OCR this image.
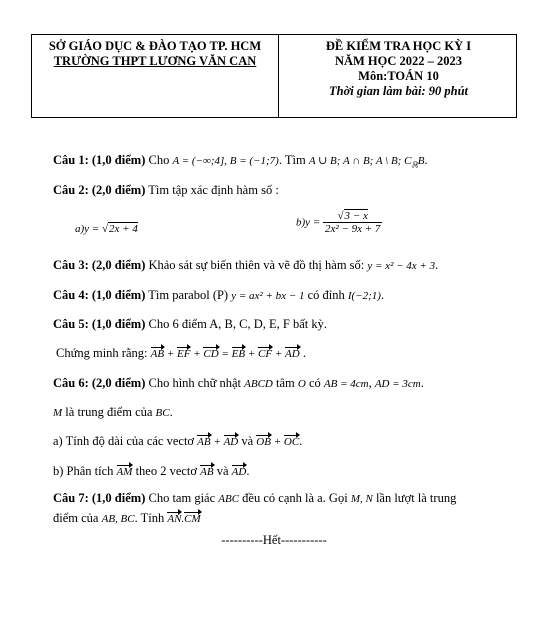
SỞ GIÁO DỤC & ĐÀO TẠO TP. HCM
TRƯỜNG THPT LƯƠNG VĂN CAN
ĐỀ KIỂM TRA HỌC KỲ I
NĂM HỌC 2022 – 2023
Môn:TOÁN 10
Thời gian làm bài: 90 phút
Câu 1: (1,0 điểm) Cho A = (−∞;4], B = (−1;7). Tìm A ∪ B; A ∩ B; A \ B; $C_ℝB$.
Câu 2: (2,0 điểm) Tìm tập xác định hàm số :
a)y = √2x + 4
$b)y = \frac{√3 - x}{\text{2x² − 9x + 7}}$
Câu 3: (2,0 điểm) Khảo sát sự biến thiên và vẽ đồ thị hàm số: y = x² − 4x + 3.
Câu 4: (1,0 điểm) Tìm parabol (P) y = ax² + bx − 1 có đỉnh I(−2;1).
Câu 5: (1,0 điểm) Cho 6 điểm A, B, C, D, E, F bất kỳ.
Chứng minh rằng: AB + EF + CD = EB + CF + AD .
Câu 6: (2,0 điểm) Cho hình chữ nhật ABCD tâm O có AB = 4cm, AD = 3cm.
M là trung điểm của BC.
a) Tính độ dài của các vectơ AB + AD và OB + OC.
b) Phân tích AM theo 2 vectơ AB và AD.
Câu 7: (1,0 điểm) Cho tam giác ABC đều có cạnh là a. Gọi M, N lần lượt là trung
điểm của AB, BC. Tính AN.CM
----------Hết-----------
